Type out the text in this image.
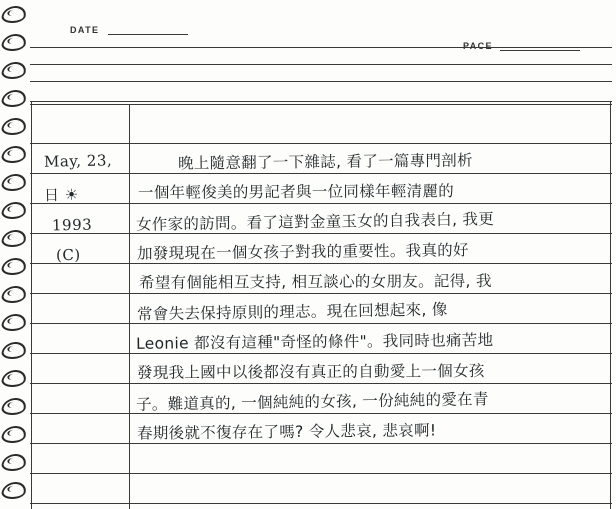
DATE
PACE
May, 23,
日 ☀
1993
(C)
晚上隨意翻了一下雜誌, 看了一篇專門剖析
一個年輕俊美的男記者與一位同樣年輕清麗的
女作家的訪問。看了這對金童玉女的自我表白, 我更
加發現現在一個女孩子對我的重要性。我真的好
希望有個能相互支持, 相互談心的女朋友。記得, 我
常會失去保持原則的理志。現在回想起來, 像
Leonie 都沒有這種"奇怪的條件"。我同時也痛苦地
發現我上國中以後都沒有真正的自動愛上一個女孩
子。難道真的, 一個純純的女孩, 一份純純的愛在青
春期後就不復存在了嗎? 令人悲哀, 悲哀啊!
